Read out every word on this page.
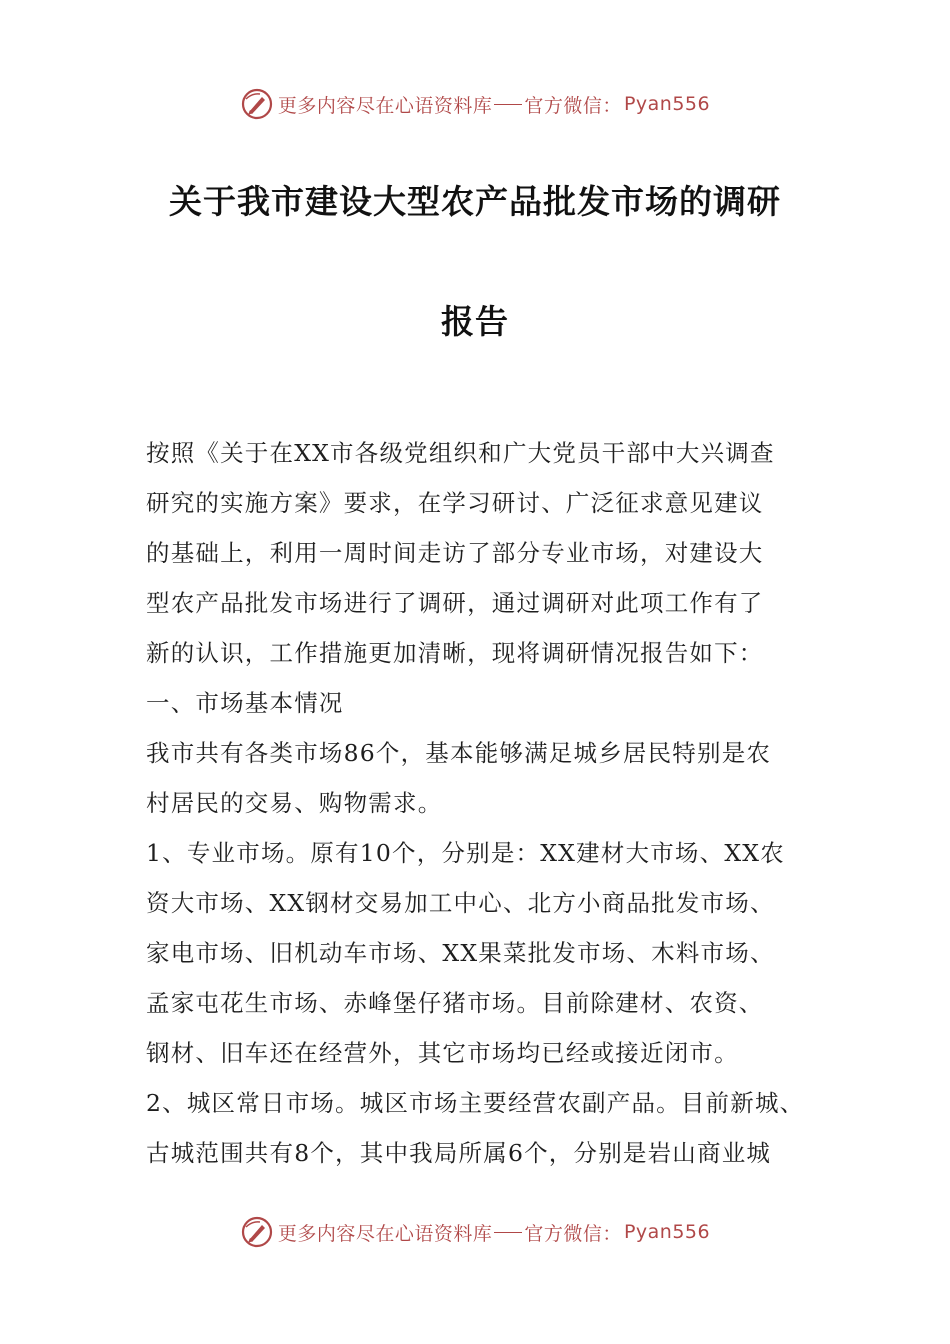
更多内容尽在心语资料库 官方微信： Pyan556
关于我市建设大型农产品批发市场的调研
报告

按照《关于在XX市各级党组织和广大党员干部中大兴调查

研究的实施方案》要求，在学习研讨、广泛征求意见建议

的基础上，利用一周时间走访了部分专业市场，对建设大

型农产品批发市场进行了调研，通过调研对此项工作有了

新的认识，工作措施更加清晰，现将调研情况报告如下：

一、市场基本情况

我市共有各类市场86个，基本能够满足城乡居民特别是农

村居民的交易、购物需求。

1、专业市场。原有10个，分别是：XX建材大市场、XX农

资大市场、XX钢材交易加工中心、北方小商品批发市场、

家电市场、旧机动车市场、XX果菜批发市场、木料市场、

孟家屯花生市场、赤峰堡仔猪市场。目前除建材、农资、

钢材、旧车还在经营外，其它市场均已经或接近闭市。

2、城区常日市场。城区市场主要经营农副产品。目前新城、

古城范围共有8个，其中我局所属6个，分别是岩山商业城

更多内容尽在心语资料库 官方微信： Pyan556
